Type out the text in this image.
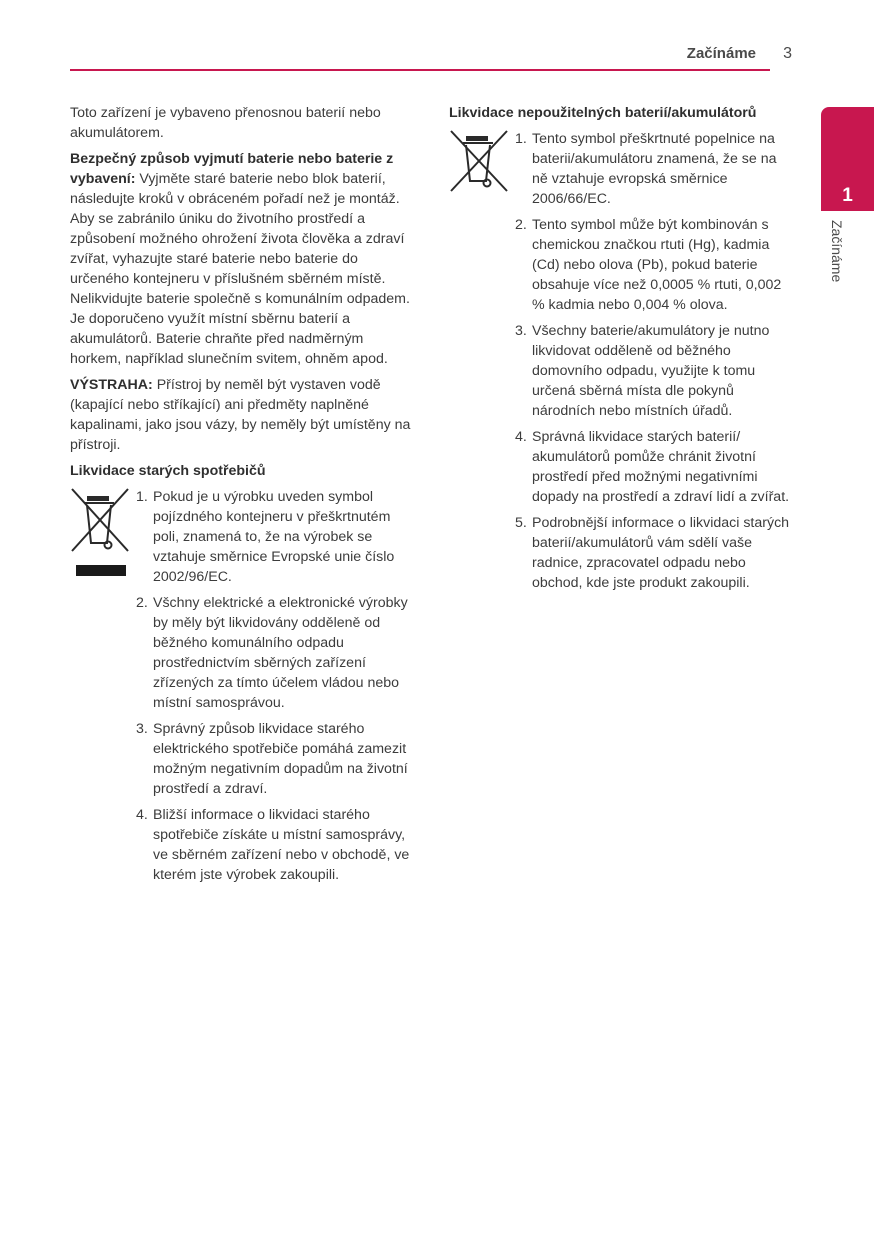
Začínáme 3
1
Začínáme

Toto zařízení je vybaveno přenosnou baterií nebo akumulátorem.

Bezpečný způsob vyjmutí baterie nebo baterie z vybavení: Vyjměte staré baterie nebo blok baterií, následujte kroků v obráceném pořadí než je montáž. Aby se zabránilo úniku do životního prostředí a způsobení možného ohrožení života člověka a zdraví zvířat, vyhazujte staré baterie nebo baterie do určeného kontejneru v příslušném sběrném místě. Nelikvidujte baterie společně s komunálním odpadem. Je doporučeno využít místní sběrnu baterií a akumulátorů. Baterie chraňte před nadměrným horkem, například slunečním svitem, ohněm apod.

VÝSTRAHA: Přístroj by neměl být vystaven vodě (kapající nebo stříkající) ani předměty naplněné kapalinami, jako jsou vázy, by neměly být umístěny na přístroji.

Likvidace starých spotřebičů
1. Pokud je u výrobku uveden symbol pojízdného kontejneru v přeškrtnutém poli, znamená to, že na výrobek se vztahuje směrnice Evropské unie číslo 2002/96/EC.
2. Všchny elektrické a elektronické výrobky by měly být likvidovány odděleně od běžného komunálního odpadu prostřednictvím sběrných zařízení zřízených za tímto účelem vládou nebo místní samosprávou.
3. Správný způsob likvidace starého elektrického spotřebiče pomáhá zamezit možným negativním dopadům na životní prostředí a zdraví.
4. Bližší informace o likvidaci starého spotřebiče získáte u místní samosprávy, ve sběrném zařízení nebo v obchodě, ve kterém jste výrobek zakoupili.
Likvidace nepoužitelných baterií/akumulátorů
1. Tento symbol přeškrtnuté popelnice na baterii/akumulátoru znamená, že se na ně vztahuje evropská směrnice 2006/66/EC.
2. Tento symbol může být kombinován s chemickou značkou rtuti (Hg), kadmia (Cd) nebo olova (Pb), pokud baterie obsahuje více než 0,0005 % rtuti, 0,002 % kadmia nebo 0,004 % olova.
3. Všechny baterie/akumulátory je nutno likvidovat odděleně od běžného domovního odpadu, využijte k tomu určená sběrná místa dle pokynů národních nebo místních úřadů.
4. Správná likvidace starých baterií/ akumulátorů pomůže chránit životní prostředí před možnými negativními dopady na prostředí a zdraví lidí a zvířat.
5. Podrobnější informace o likvidaci starých baterií/akumulátorů vám sdělí vaše radnice, zpracovatel odpadu nebo obchod, kde jste produkt zakoupili.
